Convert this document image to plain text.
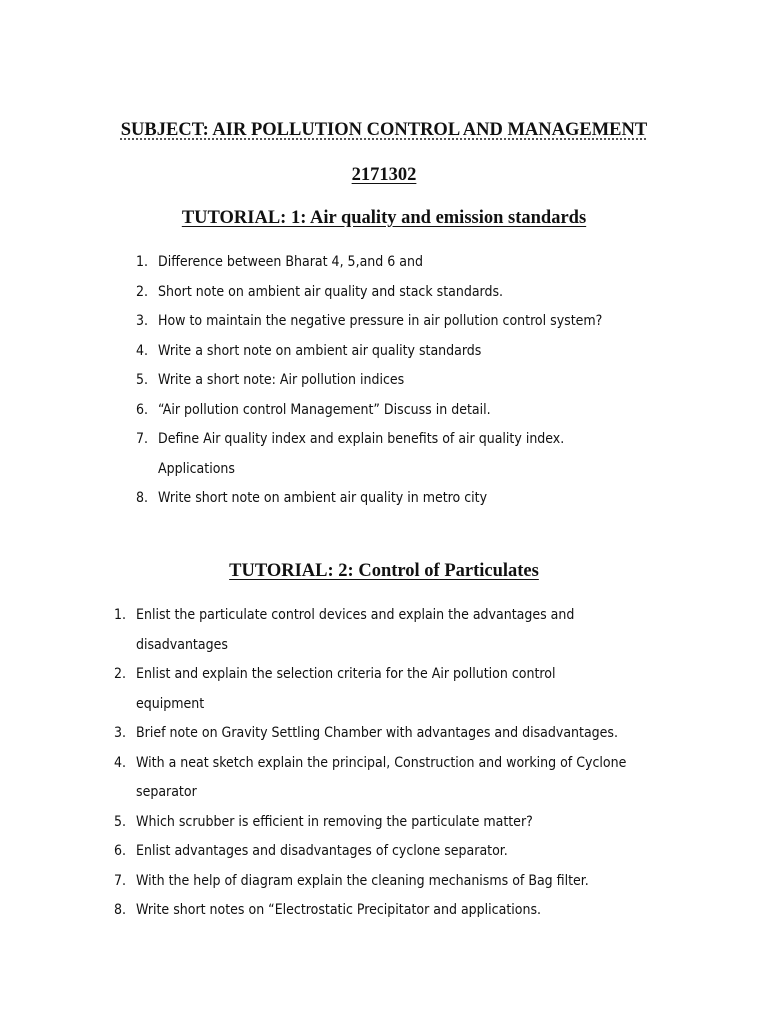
SUBJECT: AIR POLLUTION CONTROL AND MANAGEMENT
2171302
TUTORIAL: 1: Air quality and emission standards
1. Difference between Bharat 4, 5,and 6 and
2. Short note on ambient air quality and stack standards.
3. How to maintain the negative pressure in air pollution control system?
4. Write a short note on ambient air quality standards
5. Write a short note: Air pollution indices
6. “Air pollution control Management” Discuss in detail.
7. Define Air quality index and explain benefits of air quality index.
Applications
8. Write short note on ambient air quality in metro city
TUTORIAL: 2: Control of Particulates
1. Enlist the particulate control devices and explain the advantages and
disadvantages
2. Enlist and explain the selection criteria for the Air pollution control
equipment
3. Brief note on Gravity Settling Chamber with advantages and disadvantages.
4. With a neat sketch explain the principal, Construction and working of Cyclone
separator
5. Which scrubber is efficient in removing the particulate matter?
6. Enlist advantages and disadvantages of cyclone separator.
7. With the help of diagram explain the cleaning mechanisms of Bag filter.
8. Write short notes on “Electrostatic Precipitator and applications.
